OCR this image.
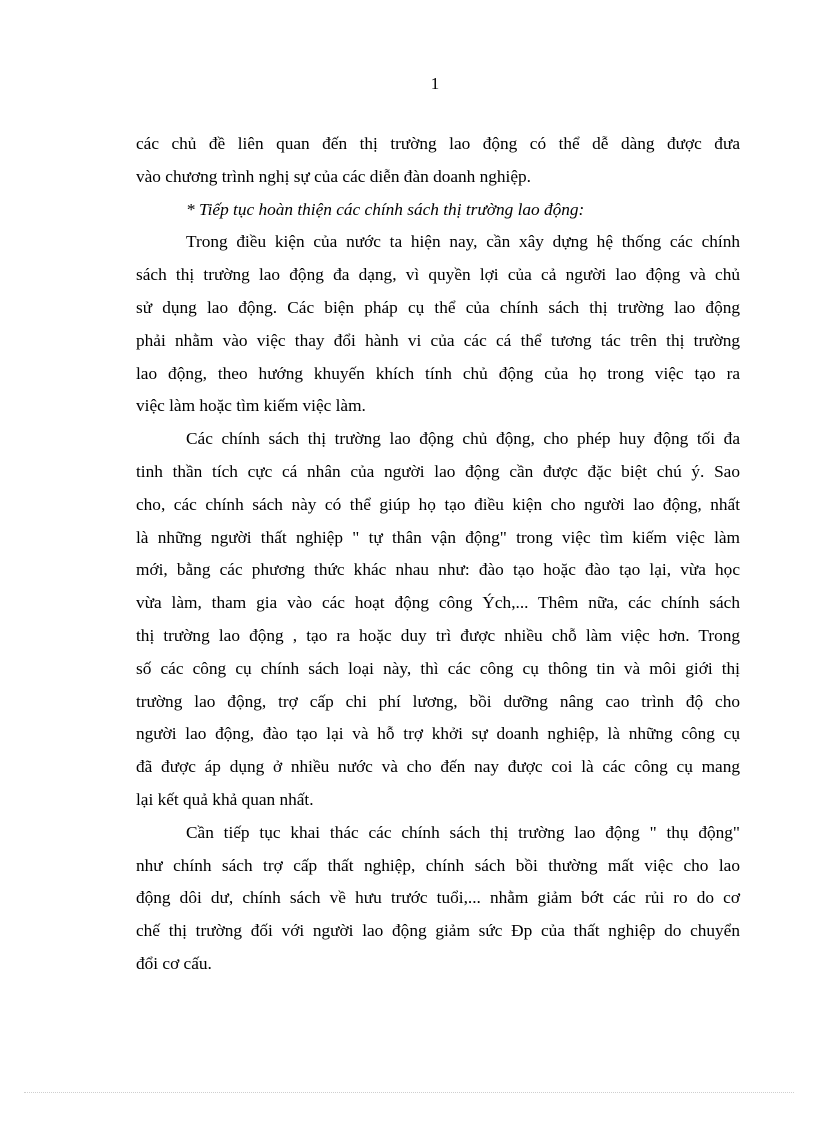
1
các chủ đề liên quan đến thị trường lao động có thể dễ dàng được đưa
vào chương trình nghị sự của các diễn đàn doanh nghiệp.
* Tiếp tục hoàn thiện các chính sách thị trường lao động:
Trong điều kiện của nước ta hiện nay, cần xây dựng hệ thống các chính
sách thị trường lao động đa dạng, vì quyền lợi của cả người lao động và chủ
sử dụng lao động. Các biện pháp cụ thể của chính sách thị trường lao động
phải nhằm vào việc thay đổi hành vi của các cá thể tương tác trên thị trường
lao động, theo hướng khuyến khích tính chủ động của họ trong việc tạo ra
việc làm hoặc tìm kiếm việc làm.
Các chính sách thị trường lao động chủ động, cho phép huy động tối đa
tinh thần tích cực cá nhân của người lao động cần được đặc biệt chú ý. Sao
cho, các chính sách này có thể giúp họ tạo điều kiện cho người lao động, nhất
là những người thất nghiệp " tự thân vận động" trong việc tìm kiếm việc làm
mới, bằng các phương thức khác nhau như: đào tạo hoặc đào tạo lại, vừa học
vừa làm, tham gia vào các hoạt động công Ých,... Thêm nữa, các chính sách
thị trường lao động , tạo ra hoặc duy trì được nhiều chỗ làm việc hơn. Trong
số các công cụ chính sách loại này, thì các công cụ thông tin và môi giới thị
trường lao động, trợ cấp chi phí lương, bồi dưỡng nâng cao trình độ cho
người lao động, đào tạo lại và hỗ trợ khởi sự doanh nghiệp, là những công cụ
đã được áp dụng ở nhiều nước và cho đến nay được coi là các công cụ mang
lại kết quả khả quan nhất.
Cần tiếp tục khai thác các chính sách thị trường lao động " thụ động"
như chính sách trợ cấp thất nghiệp, chính sách bồi thường mất việc cho lao
động dôi dư, chính sách về hưu trước tuổi,... nhằm giảm bớt các rủi ro do cơ
chế thị trường đối với người lao động giảm sức Ðp của thất nghiệp do chuyển
đổi cơ cấu.
